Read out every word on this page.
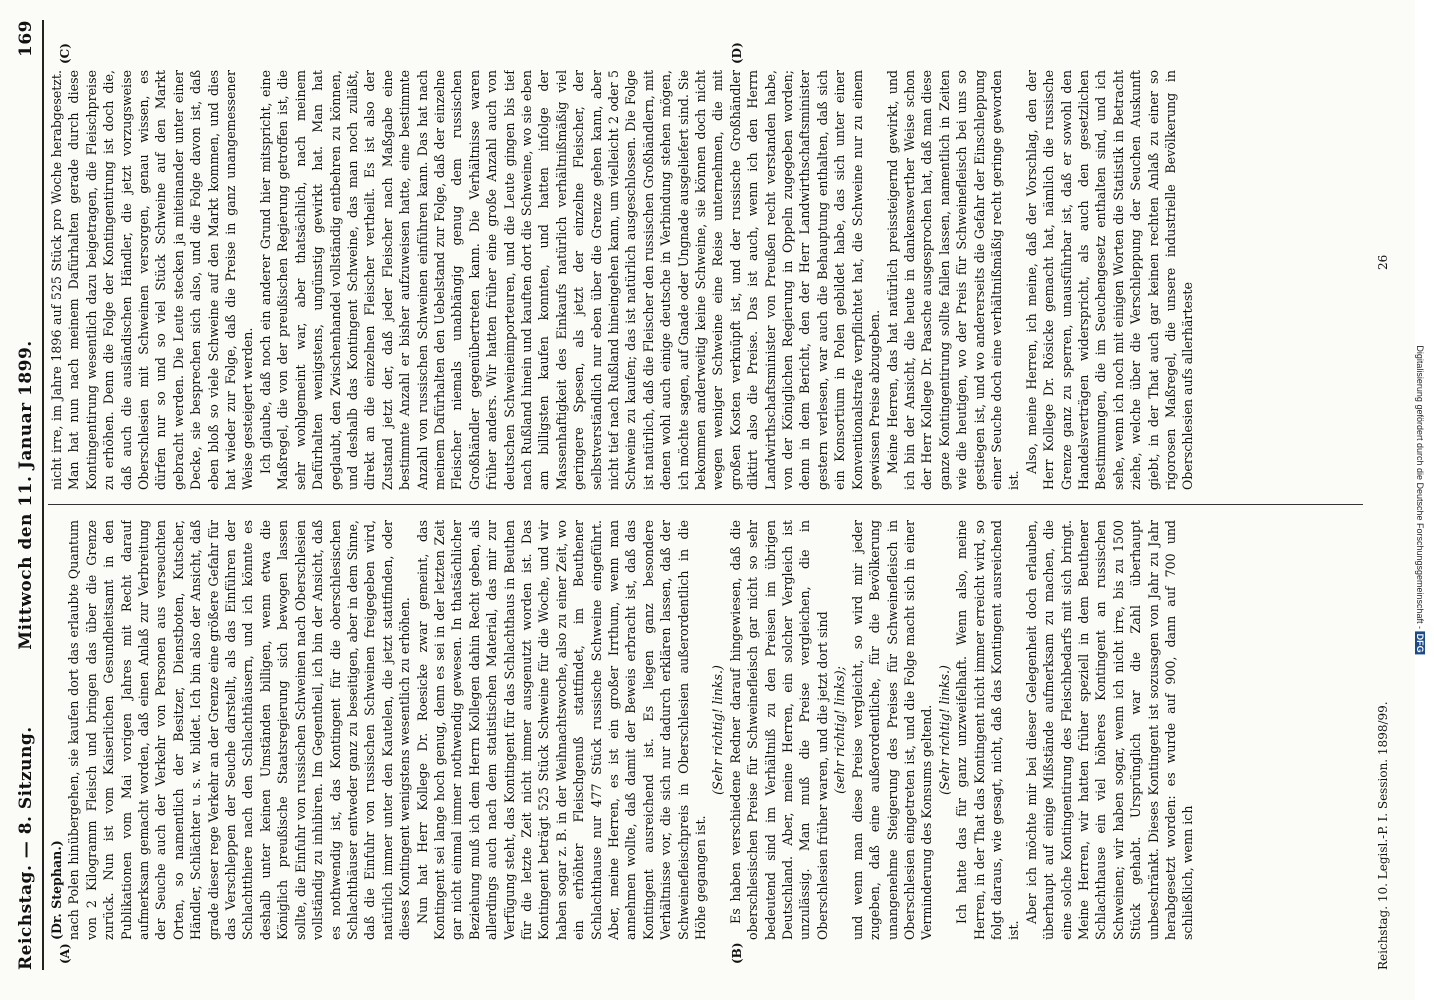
Reichstag. — 8. Sitzung.
Mittwoch den 11. Januar 1899.
169
(A)	(B)
(C)	(D)

(Dr. Stephan.) nach Polen hinübergehen, sie kaufen dort das erlaubte Quantum von 2 Kilogramm Fleisch und bringen das über die Grenze zurück. Nun ist vom Kaiserlichen Gesundheitsamt in den Publikationen vom Mai vorigen Jahres mit Recht darauf aufmerksam gemacht worden, daß einen Anlaß zur Verbreitung der Seuche auch der Verkehr von Personen aus verseuchten Orten, so namentlich der Besitzer, Dienstboten, Kutscher, Händler, Schlächter u. s. w. bildet. Ich bin also der Ansicht, daß grade dieser rege Verkehr an der Grenze eine größere Gefahr für das Verschleppen der Seuche darstellt, als das Einführen der Schlachtthiere nach den Schlachthäusern, und ich könnte es deshalb unter keinen Umständen billigen, wenn etwa die Königlich preußische Staatsregierung sich bewogen lassen sollte, die Einfuhr von russischen Schweinen nach Oberschlesien vollständig zu inhibiren. Im Gegentheil, ich bin der Ansicht, daß es nothwendig ist, das Kontingent für die oberschlesischen Schlachthäuser entweder ganz zu beseitigen, aber in dem Sinne, daß die Einfuhr von russischen Schweinen freigegeben wird, natürlich immer unter den Kautelen, die jetzt stattfinden, oder dieses Kontingent wenigstens wesentlich zu erhöhen. Nun hat Herr Kollege Dr. Roesicke zwar gemeint, das Kontingent sei lange hoch genug, denn es sei in der letzten Zeit gar nicht einmal immer nothwendig gewesen. In thatsächlicher Beziehung muß ich dem Herrn Kollegen dahin Recht geben, als allerdings auch nach dem statistischen Material, das mir zur Verfügung steht, das Kontingent für das Schlachthaus in Beuthen für die letzte Zeit nicht immer ausgenutzt worden ist. Das Kontingent beträgt 525 Stück Schweine für die Woche, und wir haben sogar z. B. in der Weihnachtswoche, also zu einer Zeit, wo ein erhöhter Fleischgenuß stattfindet, im Beuthener Schlachthause nur 477 Stück russische Schweine eingeführt. Aber, meine Herren, es ist ein großer Irrthum, wenn man annehmen wollte, daß damit der Beweis erbracht ist, daß das Kontingent ausreichend ist. Es liegen ganz besondere Verhältnisse vor, die sich nur dadurch erklären lassen, daß der Schweinefleischpreis in Oberschlesien außerordentlich in die Höhe gegangen ist.

(Sehr richtig! links.) Es haben verschiedene Redner darauf hingewiesen, daß die oberschlesischen Preise für Schweinefleisch gar nicht so sehr bedeutend sind im Verhältniß zu den Preisen im übrigen Deutschland. Aber, meine Herren, ein solcher Vergleich ist unzulässig. Man muß die Preise vergleichen, die in Oberschlesien früher waren, und die jetzt dort sind (sehr richtig! links); und wenn man diese Preise vergleicht, so wird mir jeder zugeben, daß eine außerordentliche, für die Bevölkerung unangenehme Steigerung des Preises für Schweinefleisch in Oberschlesien eingetreten ist, und die Folge macht sich in einer Verminderung des Konsums geltend. (Sehr richtig! links.) Ich hatte das für ganz unzweifelhaft. Wenn also, meine Herren, in der That das Kontingent nicht immer erreicht wird, so folgt daraus, wie gesagt, nicht, daß das Kontingent ausreichend ist.

Aber ich möchte mir bei dieser Gelegenheit doch erlauben, überhaupt auf einige Mißstände aufmerksam zu machen, die eine solche Kontingentirung des Fleischbedarfs mit sich bringt. Meine Herren, wir hatten früher speziell in dem Beuthener Schlachthause ein viel höheres Kontingent an russischen Schweinen; wir haben sogar, wenn ich nicht irre, bis zu 1500 Stück gehabt. Ursprünglich war die Zahl überhaupt unbeschränkt. Dieses Kontingent ist sozusagen von Jahr zu Jahr herabgesetzt worden: es wurde auf 900, dann auf 700 und schließlich, wenn ich

nicht irre, im Jahre 1896 auf 525 Stück pro Woche herabgesetzt. Man hat nun nach meinem Dafürhalten gerade durch diese Kontingentirung wesentlich dazu beigetragen, die Fleischpreise zu erhöhen. Denn die Folge der Kontingentirung ist doch die, daß auch die ausländischen Händler, die jetzt vorzugsweise Oberschlesien mit Schweinen versorgen, genau wissen, es dürfen nur so und so viel Stück Schweine auf den Markt gebracht werden. Die Leute stecken ja miteinander unter einer Decke, sie besprechen sich also, und die Folge davon ist, daß eben bloß so viele Schweine auf den Markt kommen, und dies hat wieder zur Folge, daß die Preise in ganz unangemessener Weise gesteigert werden. Ich glaube, daß noch ein anderer Grund hier mitspricht, eine Maßregel, die von der preußischen Regierung getroffen ist, die sehr wohlgemeint war, aber thatsächlich, nach meinem Dafürhalten wenigstens, ungünstig gewirkt hat. Man hat geglaubt, den Zwischenhandel vollständig entbehren zu können, und deshalb das Kontingent Schweine, das man noch zuläßt, direkt an die einzelnen Fleischer vertheilt. Es ist also der Zustand jetzt der, daß jeder Fleischer nach Maßgabe eine bestimmte Anzahl er bisher aufzuweisen hatte, eine bestimmte Anzahl von russischen Schweinen einführen kann. Das hat nach meinem Dafürhalten den Uebelstand zur Folge, daß der einzelne Fleischer niemals unabhängig genug dem russischen Großhändler gegenübertreten kann. Die Verhältnisse waren früher anders. Wir hatten früher eine große Anzahl auch von deutschen Schweineimporteuren, und die Leute gingen bis tief nach Rußland hinein und kauften dort die Schweine, wo sie eben am billigsten kaufen konnten, und hatten infolge der Massenhaftigkeit des Einkaufs natürlich verhältnißmäßig viel geringere Spesen, als jetzt der einzelne Fleischer, der selbstverständlich nur eben über die Grenze gehen kann, aber nicht tief nach Rußland hineingehen kann, um vielleicht 2 oder 5 Schweine zu kaufen; das ist natürlich ausgeschlossen. Die Folge ist natürlich, daß die Fleischer den russischen Großhändlern, mit denen wohl auch einige deutsche in Verbindung stehen mögen, ich möchte sagen, auf Gnade oder Ungnade ausgeliefert sind. Sie bekommen anderweitig keine Schweine, sie können doch nicht wegen weniger Schweine eine Reise unternehmen, die mit großen Kosten verknüpft ist, und der russische Großhändler diktirt also die Preise. Das ist auch, wenn ich den Herrn Landwirthschaftsminister von Preußen recht verstanden habe, von der Königlichen Regierung in Oppeln zugegeben worden; denn in dem Bericht, den der Herr Landwirthschaftsminister gestern verlesen, war auch die Behauptung enthalten, daß sich ein Konsortium in Polen gebildet habe, das sich unter einer Konventionalstrafe verpflichtet hat, die Schweine nur zu einem gewissen Preise abzugeben. Meine Herren, das hat natürlich preissteigernd gewirkt, und ich bin der Ansicht, die heute in dankenswerther Weise schon der Herr Kollege Dr. Paasche ausgesprochen hat, daß man diese ganze Kontingentirung sollte fallen lassen, namentlich in Zeiten wie die heutigen, wo der Preis für Schweinefleisch bei uns so gestiegen ist, und wo andererseits die Gefahr der Einschleppung einer Seuche doch eine verhältnißmäßig recht geringe geworden ist.

Also, meine Herren, ich meine, daß der Vorschlag, den der Herr Kollege Dr. Rösicke gemacht hat, nämlich die russische Grenze ganz zu sperren, unausführbar ist, daß er sowohl den Handelsverträgen widerspricht, als auch den gesetzlichen Bestimmungen, die im Seuchengesetz enthalten sind, und ich sehe, wenn ich noch mit einigen Worten die Statistik in Betracht ziehe, welche über die Verschleppung der Seuchen Auskunft giebt, in der That auch gar keinen rechten Anlaß zu einer so rigorosen Maßregel, die unsere industrielle Bevölkerung in Oberschlesien aufs allerhärteste

Reichstag. 10. Legisl.-P. I. Session. 1898/99.
26
Digitalisierung gefördert durch die Deutsche Forschungsgemeinschaft - DFG
